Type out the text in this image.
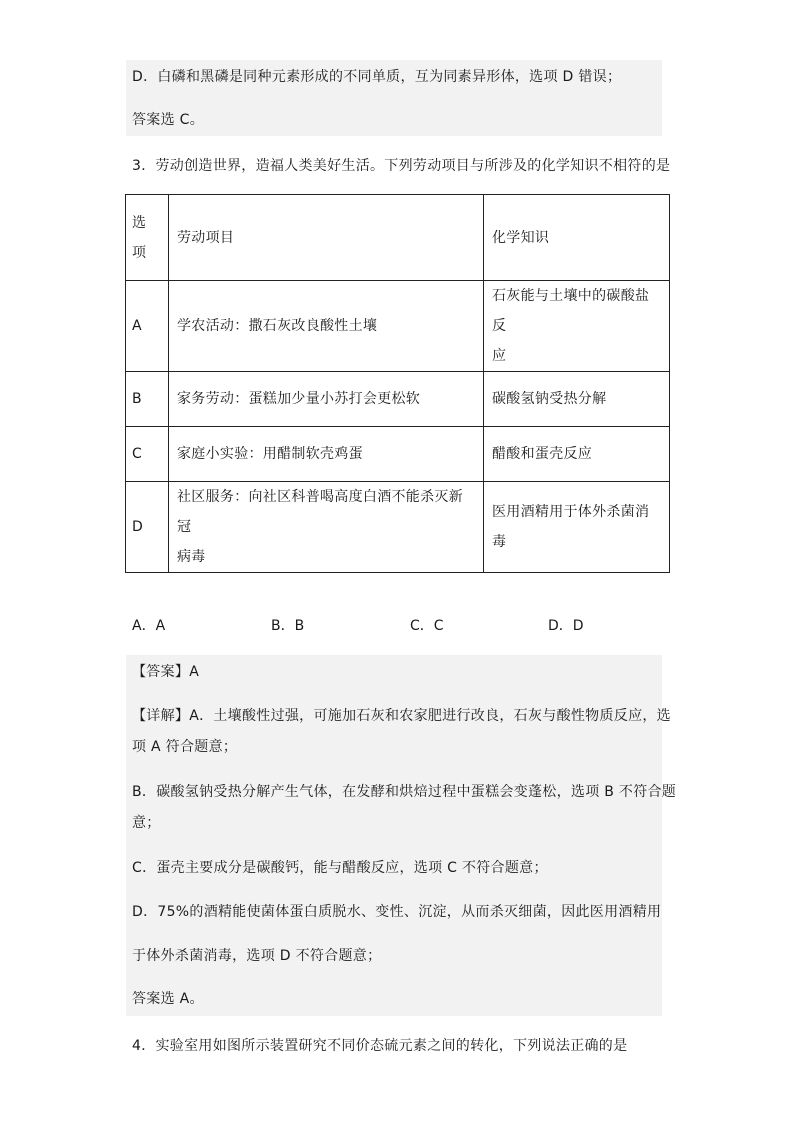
D．白磷和黑磷是同种元素形成的不同单质，互为同素异形体，选项 D 错误；
答案选 C。
3．劳动创造世界，造福人类美好生活。下列劳动项目与所涉及的化学知识不相符的是
选
项	劳动项目	化学知识
A	学农活动：撒石灰改良酸性土壤	石灰能与土壤中的碳酸盐反
应

B	家务劳动：蛋糕加少量小苏打会更松软	碳酸氢钠受热分解
C	家庭小实验：用醋制软壳鸡蛋	醋酸和蛋壳反应
D	社区服务：向社区科普喝高度白酒不能杀灭新冠
病毒	医用酒精用于体外杀菌消毒
A．A	B．B	C．C	D．D
【答案】A
【详解】A．土壤酸性过强，可施加石灰和农家肥进行改良，石灰与酸性物质反应，选
项 A 符合题意；
B．碳酸氢钠受热分解产生气体，在发酵和烘焙过程中蛋糕会变蓬松，选项 B 不符合题
意；
C．蛋壳主要成分是碳酸钙，能与醋酸反应，选项 C 不符合题意；
D．75%的酒精能使菌体蛋白质脱水、变性、沉淀，从而杀灭细菌，因此医用酒精用
于体外杀菌消毒，选项 D 不符合题意；
答案选 A。
4．实验室用如图所示装置研究不同价态硫元素之间的转化，下列说法正确的是
